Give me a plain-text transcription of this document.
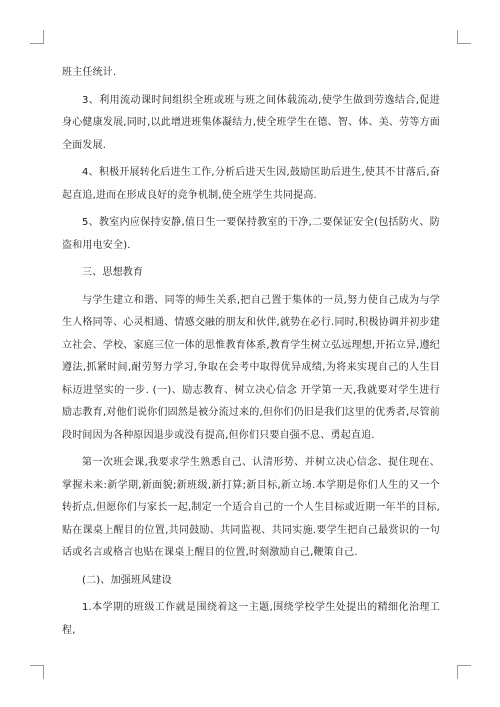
班主任统计.

3、利用流动课时间组织全班或班与班之间体载流动,使学生做到劳逸结合,促进身心健康发展,同时,以此增进班集体凝结力,使全班学生在德、智、体、美、劳等方面全面发展.

4、积极开展转化后进生工作,分析后进天生因,鼓励匡助后进生,使其不甘落后,奋起直追,进而在形成良好的竞争机制,使全班学生共同提高.

5、教室内应保持安静,值日生一要保持教室的干净,二要保证安全(包括防火、防盗和用电安全).

三、思想教育

与学生建立和谐、同等的师生关系,把自己置于集体的一员,努力使自己成为与学生人格同等、心灵相通、情感交融的朋友和伙伴,就势在必行.同时,积极协调并初步建立社会、学校、家庭三位一体的思惟教育体系,教育学生树立弘远理想,开拓立异,遵纪遵法,抓紧时间,耐劳努力学习,争取在会考中取得优异成绩,为将来实现自己的人生目标迈进坚实的一步. (一)、励志教育、树立决心信念 开学第一天,我就要对学生进行励志教育,对他们说你们固然是被分流过来的,但你们仍旧是我们这里的优秀者,尽管前段时间因为各种原因退步或没有提高,但你们只要自强不息、勇起直追.

第一次班会课,我要求学生熟悉自己、认清形势、并树立决心信念、捉住现在、掌握未来:新学期,新面貌;新班级,新打算;新目标,新立场.本学期是你们人生的又一个转折点,但愿你们与家长一起,制定一个适合自己的一个人生目标或近期一年半的目标,贴在课桌上醒目的位置,共同鼓励、共同监视、共同实施.要学生把自己最赏识的一句话或名言或格言也贴在课桌上醒目的位置,时刻激励自己,鞭策自己.

(二)、加强班风建设

1.本学期的班级工作就是围绕着这一主题,围绕学校学生处提出的精细化治理工程,
